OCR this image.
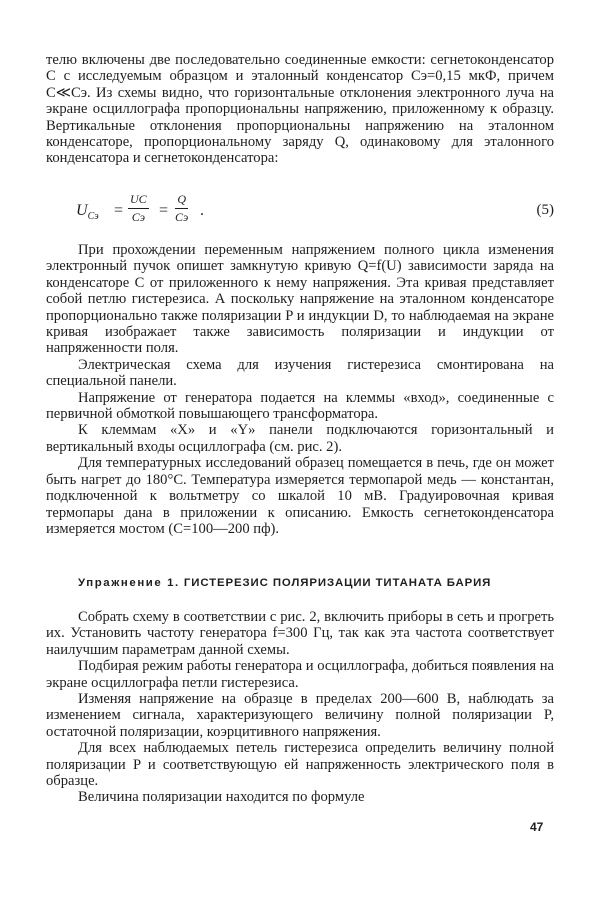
телю включены две последовательно соединенные емкости: сегнетоконденсатор C с исследуемым образцом и эталонный конденсатор Cэ=0,15 мкФ, причем C≪Cэ. Из схемы видно, что горизонтальные отклонения электронного луча на экране осциллографа пропорциональны напряжению, приложенному к образцу. Вертикальные отклонения пропорциональны напряжению на эталонном конденсаторе, пропорциональному заряду Q, одинаковому для эталонного конденсатора и сегнетоконденсатора:

$U_{Cэ}$ =
UC
Cэ =
Q
Cэ .	(5)

При прохождении переменным напряжением полного цикла изменения электронный пучок опишет замкнутую кривую Q=f(U) зависимости заряда на конденсаторе C от приложенного к нему напряжения. Эта кривая представляет собой петлю гистерезиса. А поскольку напряжение на эталонном конденсаторе пропорционально также поляризации P и индукции D, то наблюдаемая на экране кривая изображает также зависимость поляризации и индукции от напряженности поля.

Электрическая схема для изучения гистерезиса смонтирована на специальной панели.

Напряжение от генератора подается на клеммы «вход», соединенные с первичной обмоткой повышающего трансформатора.

К клеммам «X» и «Y» панели подключаются горизонтальный и вертикальный входы осциллографа (см. рис. 2).

Для температурных исследований образец помещается в печь, где он может быть нагрет до 180°C. Температура измеряется термопарой медь — константан, подключенной к вольтметру со шкалой 10 мВ. Градуировочная кривая термопары дана в приложении к описанию. Емкость сегнетоконденсатора измеряется мостом (C=100—200 пф).

Упражнение 1. ГИСТЕРЕЗИС ПОЛЯРИЗАЦИИ ТИТАНАТА БАРИЯ

Собрать схему в соответствии с рис. 2, включить приборы в сеть и прогреть их. Установить частоту генератора f=300 Гц, так как эта частота соответствует наилучшим параметрам данной схемы.

Подбирая режим работы генератора и осциллографа, добиться появления на экране осциллографа петли гистерезиса.

Изменяя напряжение на образце в пределах 200—600 В, наблюдать за изменением сигнала, характеризующего величину полной поляризации P, остаточной поляризации, коэрцитивного напряжения.

Для всех наблюдаемых петель гистерезиса определить величину полной поляризации P и соответствующую ей напряженность электрического поля в образце.

Величина поляризации находится по формуле

47
